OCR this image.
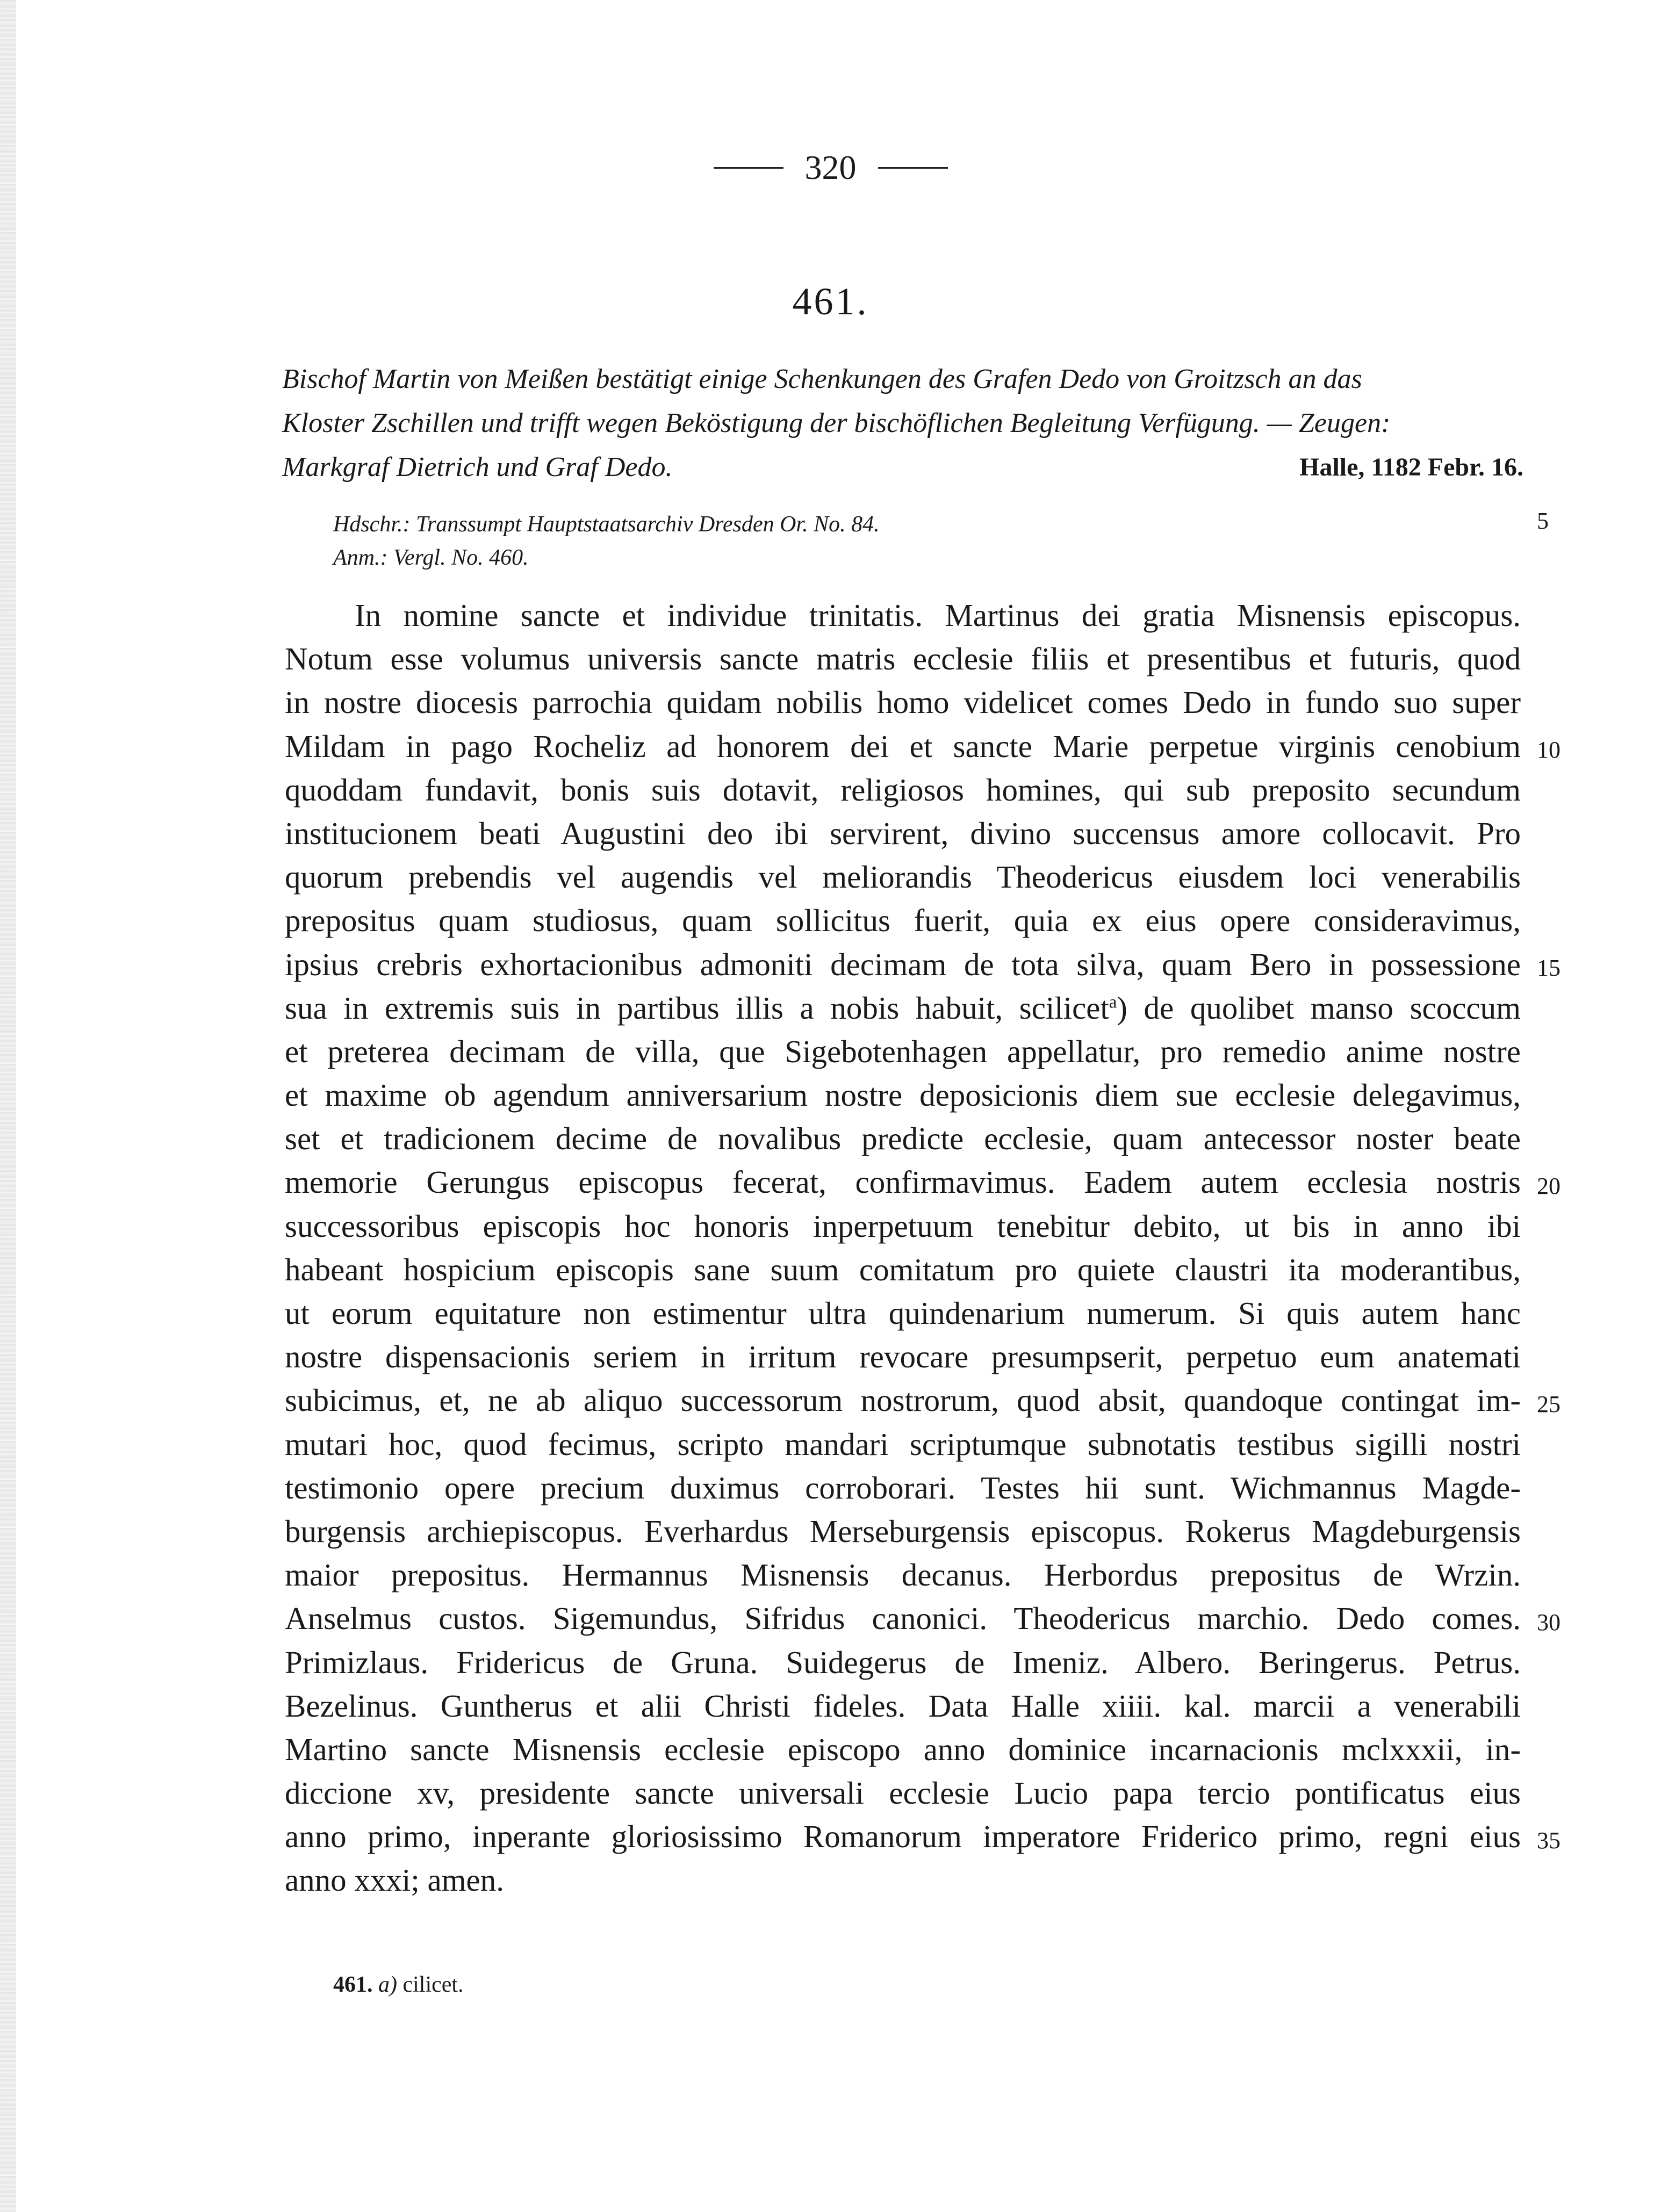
320
461.
Bischof Martin von Meißen bestätigt einige Schenkungen des Grafen Dedo von Groitzsch an das
Kloster Zschillen und trifft wegen Beköstigung der bischöflichen Begleitung Verfügung. — Zeugen:
Markgraf Dietrich und Graf Dedo.	Halle, 1182 Febr. 16.
Hdschr.: Transsumpt Hauptstaatsarchiv Dresden Or. No. 84.
Anm.: Vergl. No. 460.
In nomine sancte et individue trinitatis. Martinus dei gratia Misnensis episcopus.
Notum esse volumus universis sancte matris ecclesie filiis et presentibus et futuris, quod
in nostre diocesis parrochia quidam nobilis homo videlicet comes Dedo in fundo suo super
Mildam in pago Rocheliz ad honorem dei et sancte Marie perpetue virginis cenobium
quoddam fundavit, bonis suis dotavit, religiosos homines, qui sub preposito secundum
institucionem beati Augustini deo ibi servirent, divino succensus amore collocavit. Pro
quorum prebendis vel augendis vel meliorandis Theodericus eiusdem loci venerabilis
prepositus quam studiosus, quam sollicitus fuerit, quia ex eius opere consideravimus,
ipsius crebris exhortacionibus admoniti decimam de tota silva, quam Bero in possessione
sua in extremis suis in partibus illis a nobis habuit, scilicet$^a$) de quolibet manso scoccum
et preterea decimam de villa, que Sigebotenhagen appellatur, pro remedio anime nostre
et maxime ob agendum anniversarium nostre deposicionis diem sue ecclesie delegavimus,
set et tradicionem decime de novalibus predicte ecclesie, quam antecessor noster beate
memorie Gerungus episcopus fecerat, confirmavimus. Eadem autem ecclesia nostris
successoribus episcopis hoc honoris inperpetuum tenebitur debito, ut bis in anno ibi
habeant hospicium episcopis sane suum comitatum pro quiete claustri ita moderantibus,
ut eorum equitature non estimentur ultra quindenarium numerum. Si quis autem hanc
nostre dispensacionis seriem in irritum revocare presumpserit, perpetuo eum anatemati
subicimus, et, ne ab aliquo successorum nostrorum, quod absit, quandoque contingat im-
mutari hoc, quod fecimus, scripto mandari scriptumque subnotatis testibus sigilli nostri
testimonio opere precium duximus corroborari. Testes hii sunt. Wichmannus Magde-
burgensis archiepiscopus. Everhardus Merseburgensis episcopus. Rokerus Magdeburgensis
maior prepositus. Hermannus Misnensis decanus. Herbordus prepositus de Wrzin.
Anselmus custos. Sigemundus, Sifridus canonici. Theodericus marchio. Dedo comes.
Primizlaus. Fridericus de Gruna. Suidegerus de Imeniz. Albero. Beringerus. Petrus.
Bezelinus. Guntherus et alii Christi fideles. Data Halle xiiii. kal. marcii a venerabili
Martino sancte Misnensis ecclesie episcopo anno dominice incarnacionis mclxxxii, in-
diccione xv, presidente sancte universali ecclesie Lucio papa tercio pontificatus eius
anno primo, inperante gloriosissimo Romanorum imperatore Friderico primo, regni eius
anno xxxi; amen.
5
10
15
20
25
30
35
461. a) cilicet.
